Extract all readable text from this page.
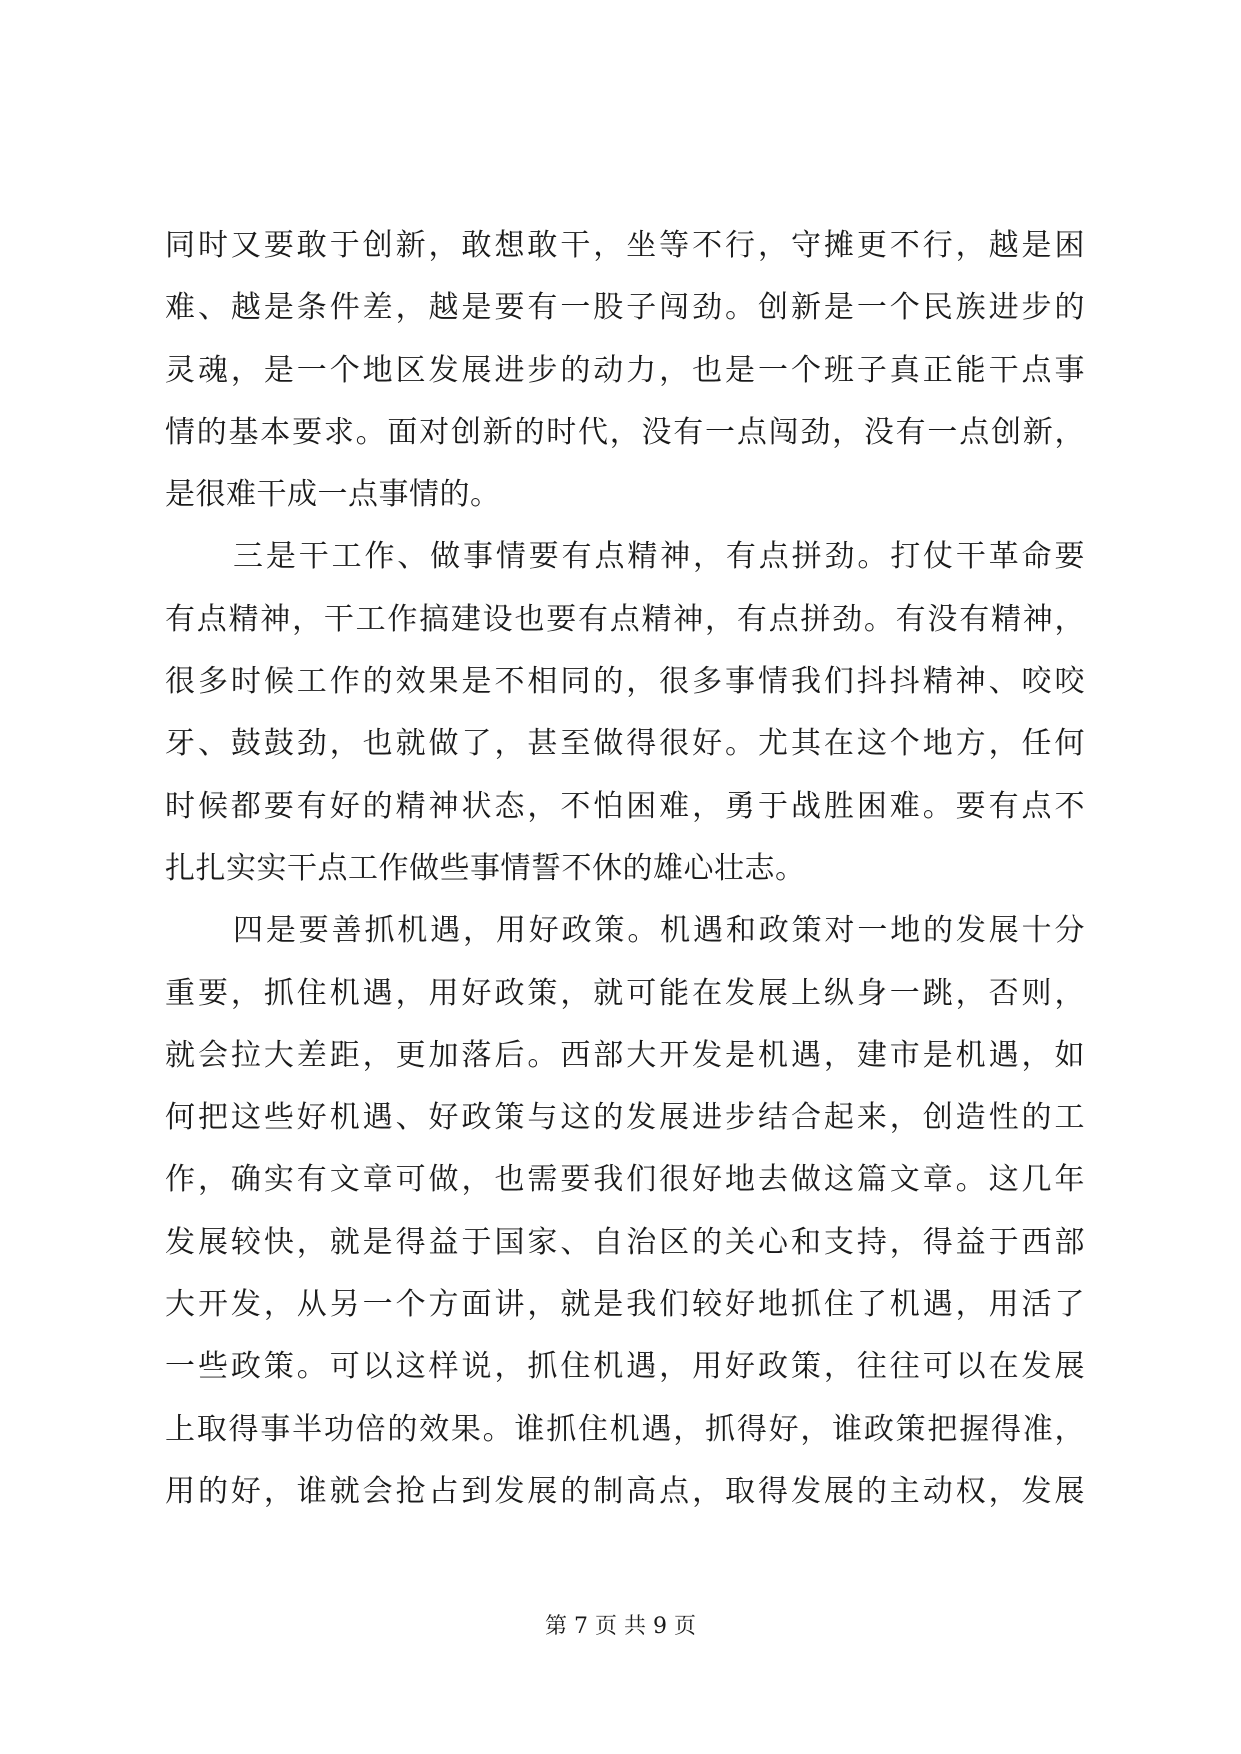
同时又要敢于创新，敢想敢干，坐等不行，守摊更不行，越是困
难、越是条件差，越是要有一股子闯劲。创新是一个民族进步的
灵魂，是一个地区发展进步的动力，也是一个班子真正能干点事
情的基本要求。面对创新的时代，没有一点闯劲，没有一点创新，
是很难干成一点事情的。
三是干工作、做事情要有点精神，有点拼劲。打仗干革命要
有点精神，干工作搞建设也要有点精神，有点拼劲。有没有精神，
很多时候工作的效果是不相同的，很多事情我们抖抖精神、咬咬
牙、鼓鼓劲，也就做了，甚至做得很好。尤其在这个地方，任何
时候都要有好的精神状态，不怕困难，勇于战胜困难。要有点不
扎扎实实干点工作做些事情誓不休的雄心壮志。
四是要善抓机遇，用好政策。机遇和政策对一地的发展十分
重要，抓住机遇，用好政策，就可能在发展上纵身一跳，否则，
就会拉大差距，更加落后。西部大开发是机遇，建市是机遇，如
何把这些好机遇、好政策与这的发展进步结合起来，创造性的工
作，确实有文章可做，也需要我们很好地去做这篇文章。这几年
发展较快，就是得益于国家、自治区的关心和支持，得益于西部
大开发，从另一个方面讲，就是我们较好地抓住了机遇，用活了
一些政策。可以这样说，抓住机遇，用好政策，往往可以在发展
上取得事半功倍的效果。谁抓住机遇，抓得好，谁政策把握得准，
用的好，谁就会抢占到发展的制高点，取得发展的主动权，发展
第 7 页 共 9 页
